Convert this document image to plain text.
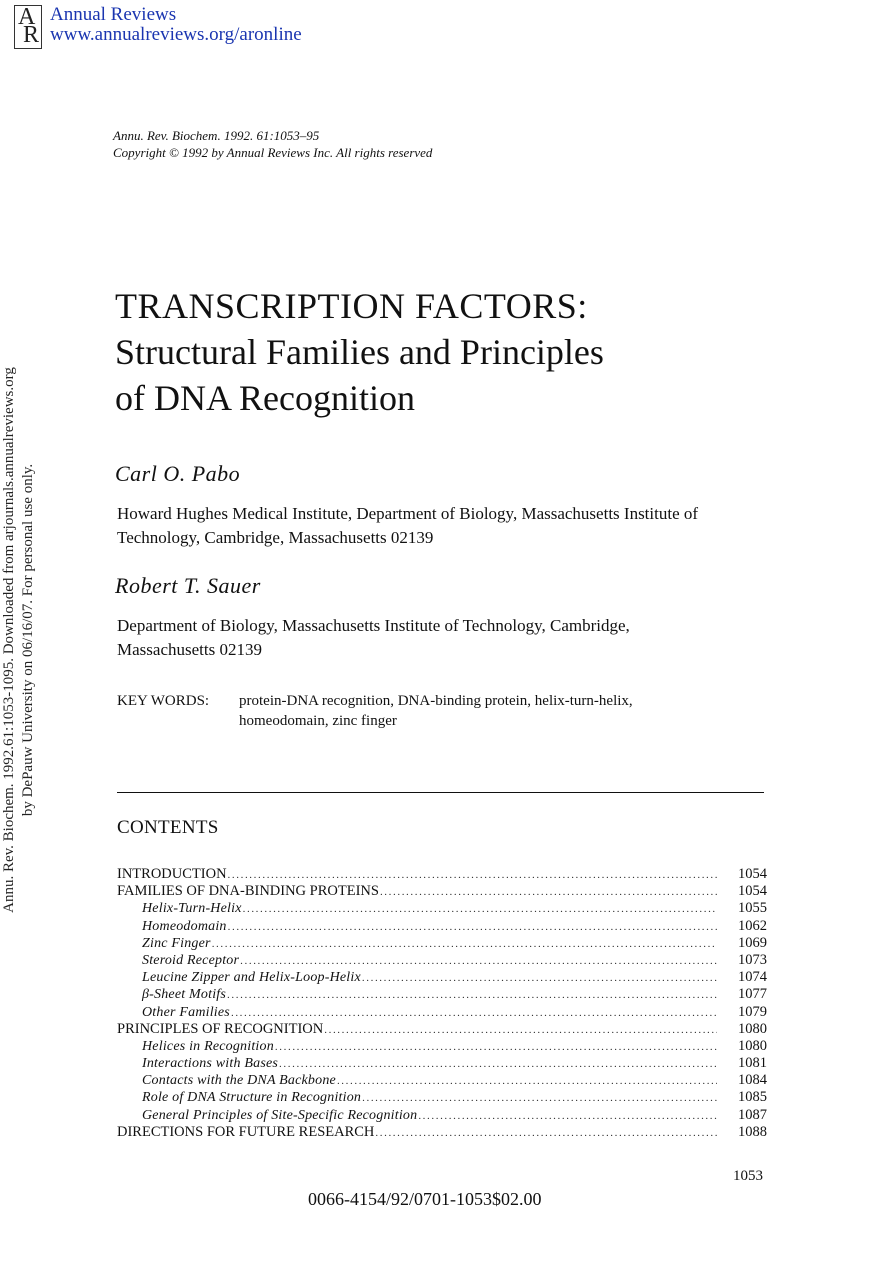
A
R
Annual Reviews
www.annualreviews.org/aronline
Annu. Rev. Biochem. 1992.61:1053-1095. Downloaded from arjournals.annualreviews.org by DePauw University on 06/16/07. For personal use only.
Annu. Rev. Biochem. 1992. 61:1053–95
Copyright © 1992 by Annual Reviews Inc. All rights reserved
TRANSCRIPTION FACTORS:
Structural Families and Principles
of DNA Recognition
Carl O. Pabo
Howard Hughes Medical Institute, Department of Biology, Massachusetts Institute of
Technology, Cambridge, Massachusetts 02139
Robert T. Sauer
Department of Biology, Massachusetts Institute of Technology, Cambridge,
Massachusetts 02139
KEY WORDS: protein-DNA recognition, DNA-binding protein, helix-turn-helix,
homeodomain, zinc finger
CONTENTS
INTRODUCTION .....	1054
FAMILIES OF DNA-BINDING PROTEINS .....	1054
Helix-Turn-Helix .....	1055
Homeodomain .....	1062
Zinc Finger .....	1069
Steroid Receptor .....	1073
Leucine Zipper and Helix-Loop-Helix .....	1074
β-Sheet Motifs .....	1077
Other Families .....	1079
PRINCIPLES OF RECOGNITION .....	1080
Helices in Recognition .....	1080
Interactions with Bases .....	1081
Contacts with the DNA Backbone .....	1084
Role of DNA Structure in Recognition .....	1085
General Principles of Site-Specific Recognition .....	1087
DIRECTIONS FOR FUTURE RESEARCH .....	1088
1053
0066-4154/92/0701-1053$02.00
